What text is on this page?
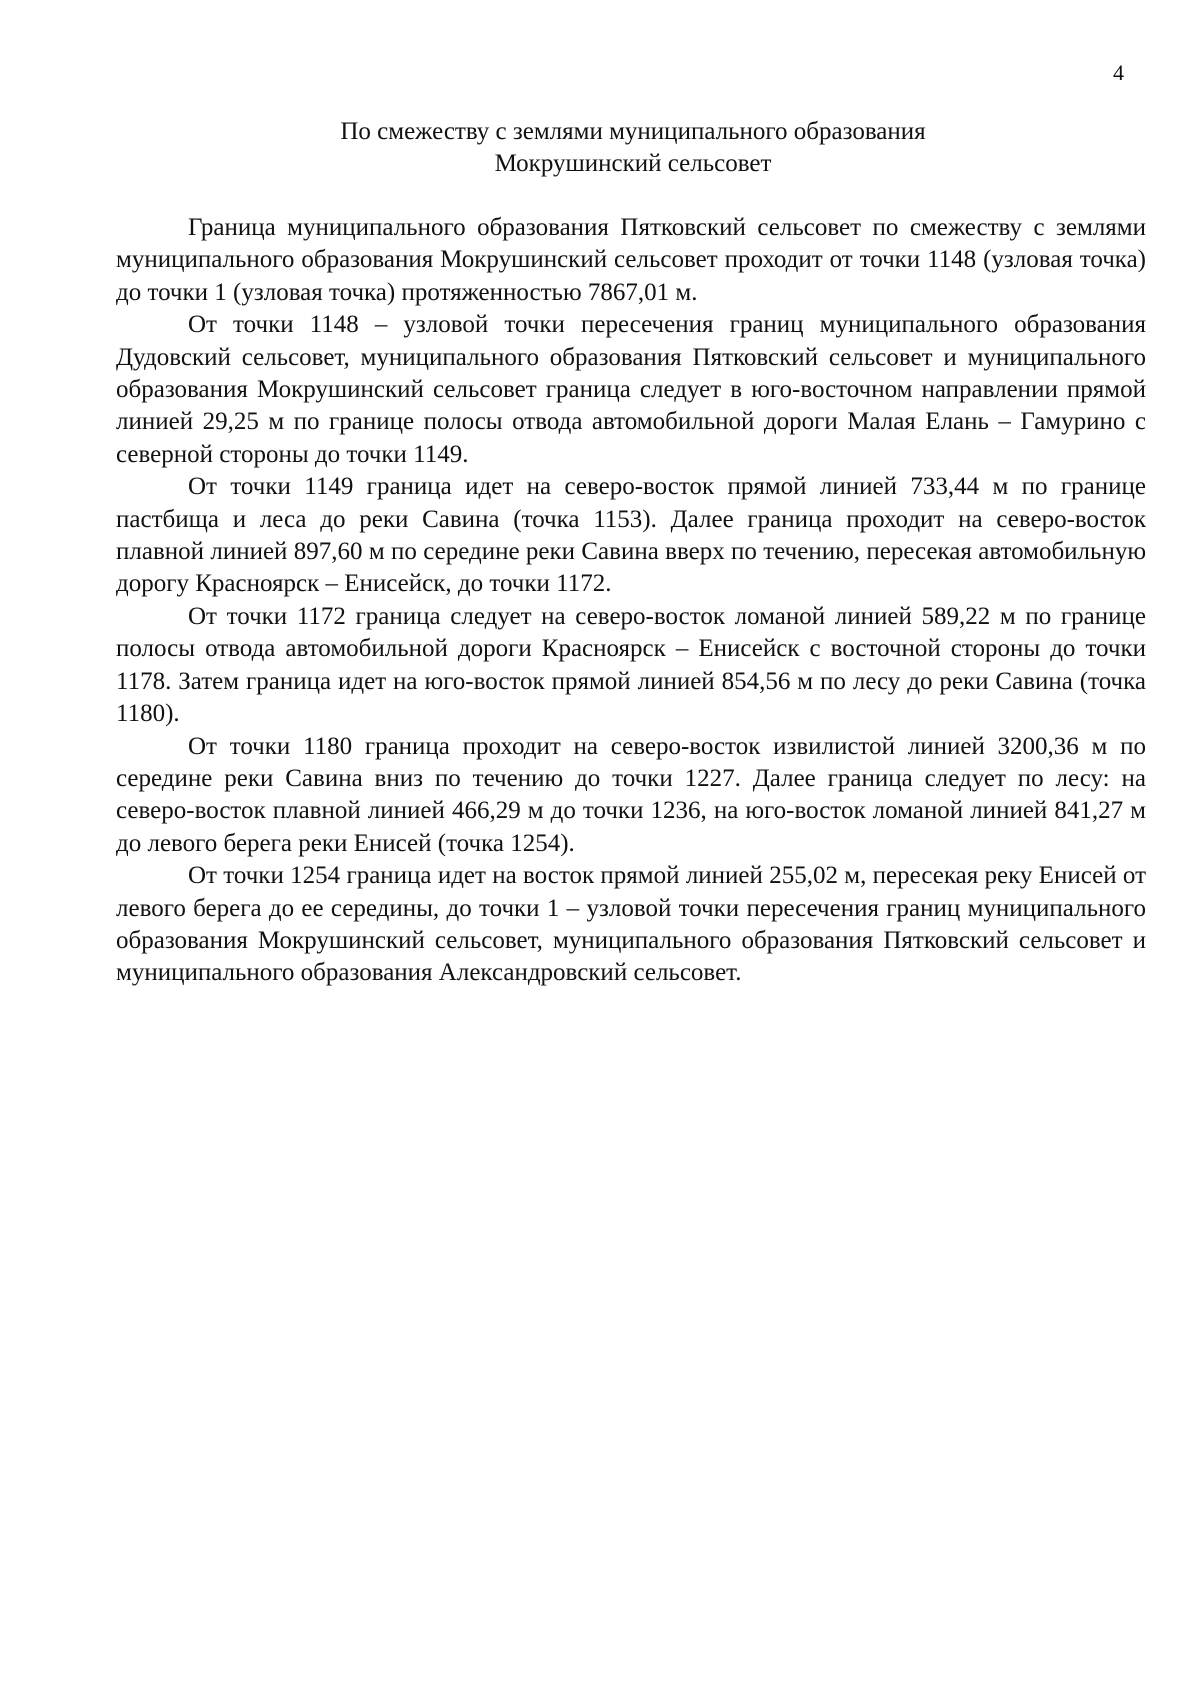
4
По смежеству с землями муниципального образования
Мокрушинский сельсовет

Граница муниципального образования Пятковский сельсовет по смежеству с землями муниципального образования Мокрушинский сельсовет проходит от точки 1148 (узловая точка) до точки 1 (узловая точка) протяженностью 7867,01 м.

От точки 1148 – узловой точки пересечения границ муниципального образования Дудовский сельсовет, муниципального образования Пятковский сельсовет и муниципального образования Мокрушинский сельсовет граница следует в юго-восточном направлении прямой линией 29,25 м по границе полосы отвода автомобильной дороги Малая Елань – Гамурино с северной стороны до точки 1149.

От точки 1149 граница идет на северо-восток прямой линией 733,44 м по границе пастбища и леса до реки Савина (точка 1153). Далее граница проходит на северо-восток плавной линией 897,60 м по середине реки Савина вверх по течению, пересекая автомобильную дорогу Красноярск – Енисейск, до точки 1172.

От точки 1172 граница следует на северо-восток ломаной линией 589,22 м по границе полосы отвода автомобильной дороги Красноярск – Енисейск с восточной стороны до точки 1178. Затем граница идет на юго-восток прямой линией 854,56 м по лесу до реки Савина (точка 1180).

От точки 1180 граница проходит на северо-восток извилистой линией 3200,36 м по середине реки Савина вниз по течению до точки 1227. Далее граница следует по лесу: на северо-восток плавной линией 466,29 м до точки 1236, на юго-восток ломаной линией 841,27 м до левого берега реки Енисей (точка 1254).

От точки 1254 граница идет на восток прямой линией 255,02 м, пересекая реку Енисей от левого берега до ее середины, до точки 1 – узловой точки пересечения границ муниципального образования Мокрушинский сельсовет, муниципального образования Пятковский сельсовет и муниципального образования Александровский сельсовет.
